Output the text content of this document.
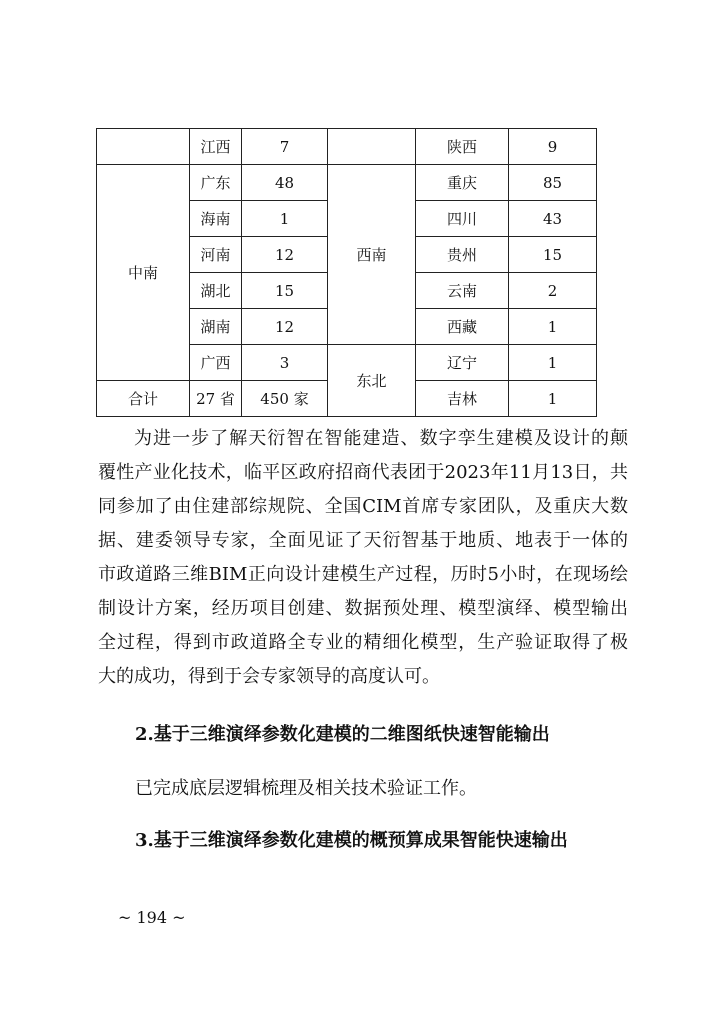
	江西	7		陕西	9
中南	广东	48	西南	重庆	85
	海南	1		四川	43
	河南	12		贵州	15
	湖北	15		云南	2
	湖南	12		西藏	1
	广西	3	东北	辽宁	1
合计	27 省	450 家		吉林	1
为进一步了解天衍智在智能建造、数字孪生建模及设计的颠
覆性产业化技术，临平区政府招商代表团于2023年11月13日，共
同参加了由住建部综规院、全国CIM首席专家团队，及重庆大数
据、建委领导专家，全面见证了天衍智基于地质、地表于一体的
市政道路三维BIM正向设计建模生产过程，历时5小时，在现场绘
制设计方案，经历项目创建、数据预处理、模型演绎、模型输出
全过程，得到市政道路全专业的精细化模型，生产验证取得了极
大的成功，得到于会专家领导的高度认可。
2.基于三维演绎参数化建模的二维图纸快速智能输出
已完成底层逻辑梳理及相关技术验证工作。
3.基于三维演绎参数化建模的概预算成果智能快速输出
~ 194 ~
